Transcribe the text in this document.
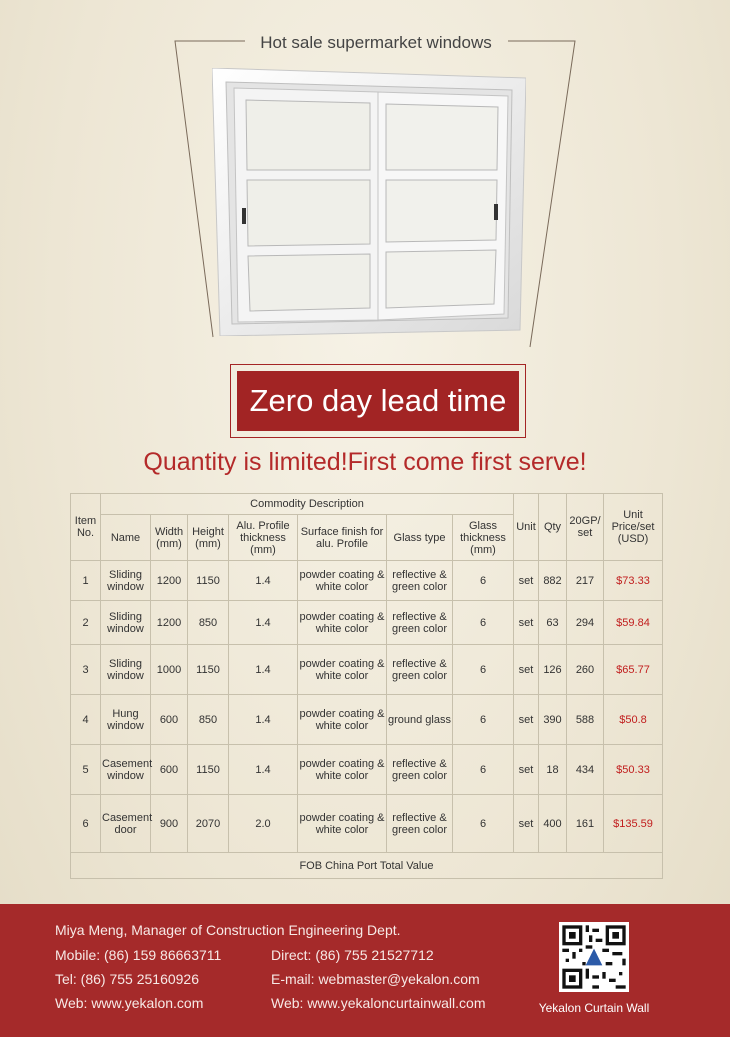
Hot sale supermarket windows
Zero day lead time
Quantity is limited!First come first serve!
Item No.	Commodity Description							Unit	Qty	20GP/ set	Unit Price/set (USD)
	Name	Width (mm)	Height (mm)	Alu. Profile thickness (mm)	Surface finish for alu. Profile	Glass type	Glass thickness (mm)				
1	Sliding window	1200	1150	1.4	powder coating & white color	reflective & green color	6	set	882	217	$73.33
2	Sliding window	1200	850	1.4	powder coating & white color	reflective & green color	6	set	63	294	$59.84
3	Sliding window	1000	1150	1.4	powder coating & white color	reflective & green color	6	set	126	260	$65.77
4	Hung window	600	850	1.4	powder coating & white color	ground glass	6	set	390	588	$50.8
5	Casement window	600	1150	1.4	powder coating & white color	reflective & green color	6	set	18	434	$50.33
6	Casement door	900	2070	2.0	powder coating & white color	reflective & green color	6	set	400	161	$135.59
FOB China Port Total Value											
Miya Meng, Manager of Construction Engineering Dept.
Mobile: (86) 159 86663711	Direct: (86) 755 21527712
Tel: (86) 755 25160926	E-mail: webmaster@yekalon.com
Web: www.yekalon.com	Web: www.yekaloncurtainwall.com	Yekalon Curtain Wall
